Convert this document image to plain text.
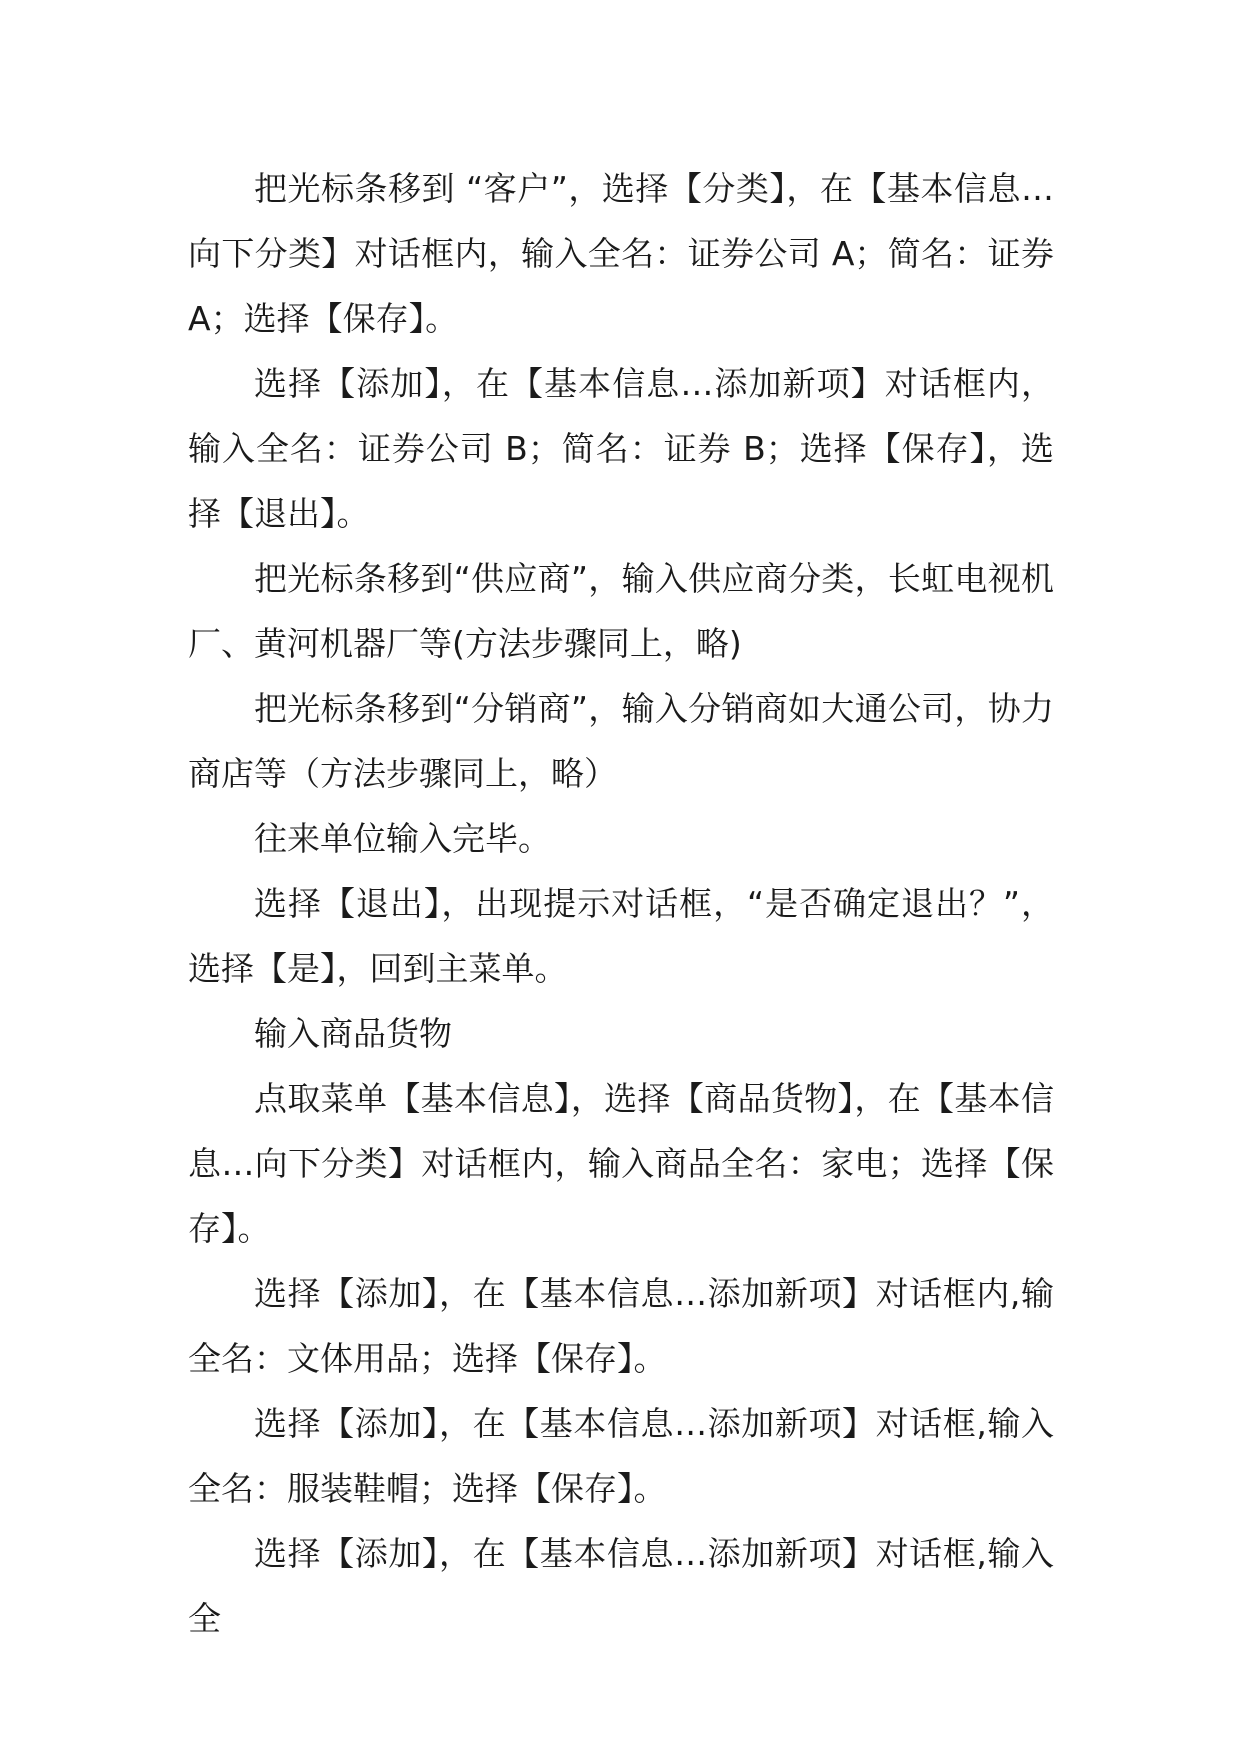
把光标条移到 “客户”，选择【分类】，在【基本信息…向下分类】对话框内，输入全名：证券公司 A；简名：证券 A；选择【保存】。

选择【添加】，在【基本信息…添加新项】对话框内，输入全名：证券公司 B；简名：证券 B；选择【保存】，选择【退出】。

把光标条移到“供应商”，输入供应商分类，长虹电视机厂、黄河机器厂等(方法步骤同上，略)

把光标条移到“分销商”，输入分销商如大通公司，协力商店等（方法步骤同上，略）

往来单位输入完毕。

选择【退出】，出现提示对话框，“是否确定退出？”，选择【是】，回到主菜单。

输入商品货物

点取菜单【基本信息】，选择【商品货物】，在【基本信息…向下分类】对话框内，输入商品全名：家电；选择【保存】。

选择【添加】，在【基本信息…添加新项】对话框内,输全名：文体用品；选择【保存】。

选择【添加】，在【基本信息…添加新项】对话框,输入全名：服装鞋帽；选择【保存】。

选择【添加】，在【基本信息…添加新项】对话框,输入全
